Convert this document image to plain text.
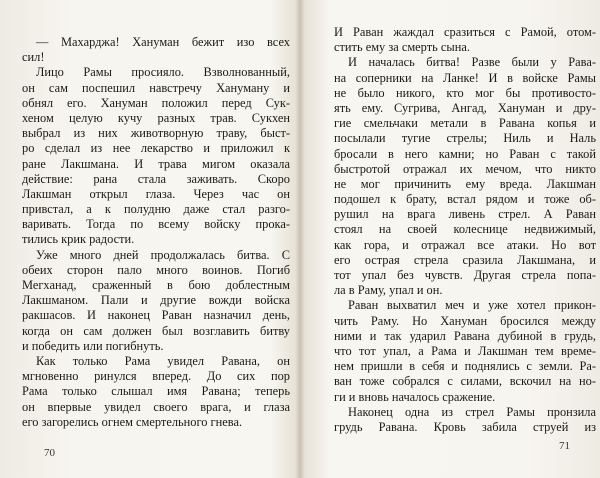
— Махарджа! Хануман бежит изо всех
сил!
Лицо Рамы просияло. Взволнованный,
он сам поспешил навстречу Хануману и
обнял его. Хануман положил перед Сук-
хеном целую кучу разных трав. Сукхен
выбрал из них животворную траву, быст-
ро сделал из нее лекарство и приложил к
ране Лакшмана. И трава мигом оказала
действие: рана стала заживать. Скоро
Лакшман открыл глаза. Через час он
привстал, а к полудню даже стал разго-
варивать. Тогда по всему войску прока-
тились крик радости.
Уже много дней продолжалась битва. С
обеих сторон пало много воинов. Погиб
Мегханад, сраженный в бою доблестным
Лакшманом. Пали и другие вожди войска
ракшасов. И наконец Раван назначил день,
когда он сам должен был возглавить битву
и победить или погибнуть.
Как только Рама увидел Равана, он
мгновенно ринулся вперед. До сих пор
Рама только слышал имя Равана; теперь
он впервые увидел своего врага, и глаза
его загорелись огнем смертельного гнева.
70
И Раван жаждал сразиться с Рамой, отом-
стить ему за смерть сына.
И началась битва! Разве были у Рава-
на соперники на Ланке! И в войске Рамы
не было никого, кто мог бы противосто-
ять ему. Сугрива, Ангад, Хануман и дру-
гие смельчаки метали в Равана копья и
посылали тугие стрелы; Ниль и Наль
бросали в него камни; но Раван с такой
быстротой отражал их мечом, что никто
не мог причинить ему вреда. Лакшман
подошел к брату, встал рядом и тоже об-
рушил на врага ливень стрел. А Раван
стоял на своей колеснице недвижимый,
как гора, и отражал все атаки. Но вот
его острая стрела сразила Лакшмана, и
тот упал без чувств. Другая стрела попа-
ла в Раму, упал и он.
Раван выхватил меч и уже хотел прикон-
чить Раму. Но Хануман бросился между
ними и так ударил Равана дубиной в грудь,
что тот упал, а Рама и Лакшман тем време-
нем пришли в себя и поднялись с земли. Ра-
ван тоже собрался с силами, вскочил на но-
ги и вновь началось сражение.
Наконец одна из стрел Рамы пронзила
грудь Равана. Кровь забила струей из
71
